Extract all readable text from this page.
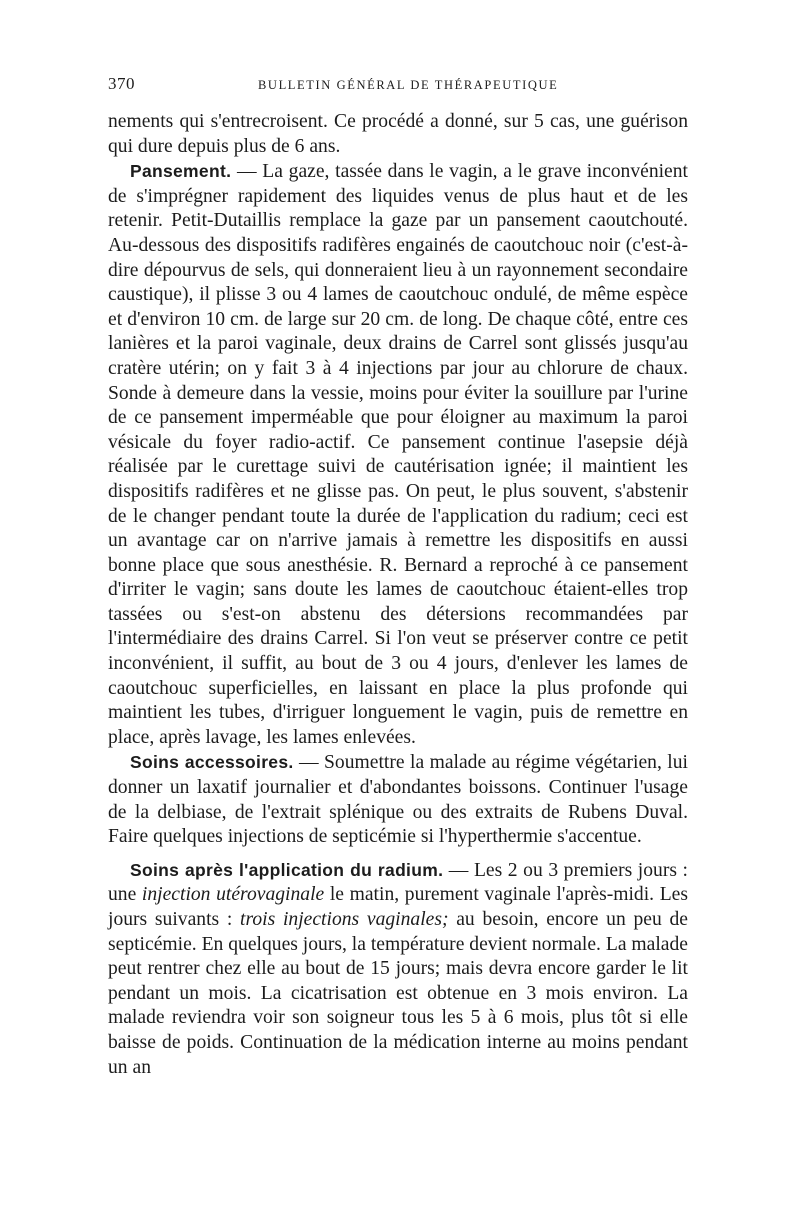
370	BULLETIN GÉNÉRAL DE THÉRAPEUTIQUE

nements qui s'entrecroisent. Ce procédé a donné, sur 5 cas, une guérison qui dure depuis plus de 6 ans.

Pansement. — La gaze, tassée dans le vagin, a le grave inconvénient de s'imprégner rapidement des liquides venus de plus haut et de les retenir. Petit-Dutaillis remplace la gaze par un pansement caoutchouté. Au-dessous des dispositifs radifères engainés de caoutchouc noir (c'est-à-dire dépourvus de sels, qui donneraient lieu à un rayonnement secondaire caustique), il plisse 3 ou 4 lames de caoutchouc ondulé, de même espèce et d'environ 10 cm. de large sur 20 cm. de long. De chaque côté, entre ces lanières et la paroi vaginale, deux drains de Carrel sont glissés jusqu'au cratère utérin; on y fait 3 à 4 injections par jour au chlorure de chaux. Sonde à demeure dans la vessie, moins pour éviter la souillure par l'urine de ce pansement imperméable que pour éloigner au maximum la paroi vésicale du foyer radio-actif. Ce pansement continue l'asepsie déjà réalisée par le curettage suivi de cautérisation ignée; il maintient les dispositifs radifères et ne glisse pas. On peut, le plus souvent, s'abstenir de le changer pendant toute la durée de l'application du radium; ceci est un avantage car on n'arrive jamais à remettre les dispositifs en aussi bonne place que sous anesthésie. R. Bernard a reproché à ce pansement d'irriter le vagin; sans doute les lames de caoutchouc étaient-elles trop tassées ou s'est-on abstenu des détersions recommandées par l'intermédiaire des drains Carrel. Si l'on veut se préserver contre ce petit inconvénient, il suffit, au bout de 3 ou 4 jours, d'enlever les lames de caoutchouc superficielles, en laissant en place la plus profonde qui maintient les tubes, d'irriguer longuement le vagin, puis de remettre en place, après lavage, les lames enlevées.

Soins accessoires. — Soumettre la malade au régime végétarien, lui donner un laxatif journalier et d'abondantes boissons. Continuer l'usage de la delbiase, de l'extrait splénique ou des extraits de Rubens Duval. Faire quelques injections de septicémie si l'hyperthermie s'accentue.

Soins après l'application du radium. — Les 2 ou 3 premiers jours : une injection utérovaginale le matin, purement vaginale l'après-midi. Les jours suivants : trois injections vaginales; au besoin, encore un peu de septicémie. En quelques jours, la température devient normale. La malade peut rentrer chez elle au bout de 15 jours; mais devra encore garder le lit pendant un mois. La cicatrisation est obtenue en 3 mois environ. La malade reviendra voir son soigneur tous les 5 à 6 mois, plus tôt si elle baisse de poids. Continuation de la médication interne au moins pendant un an
